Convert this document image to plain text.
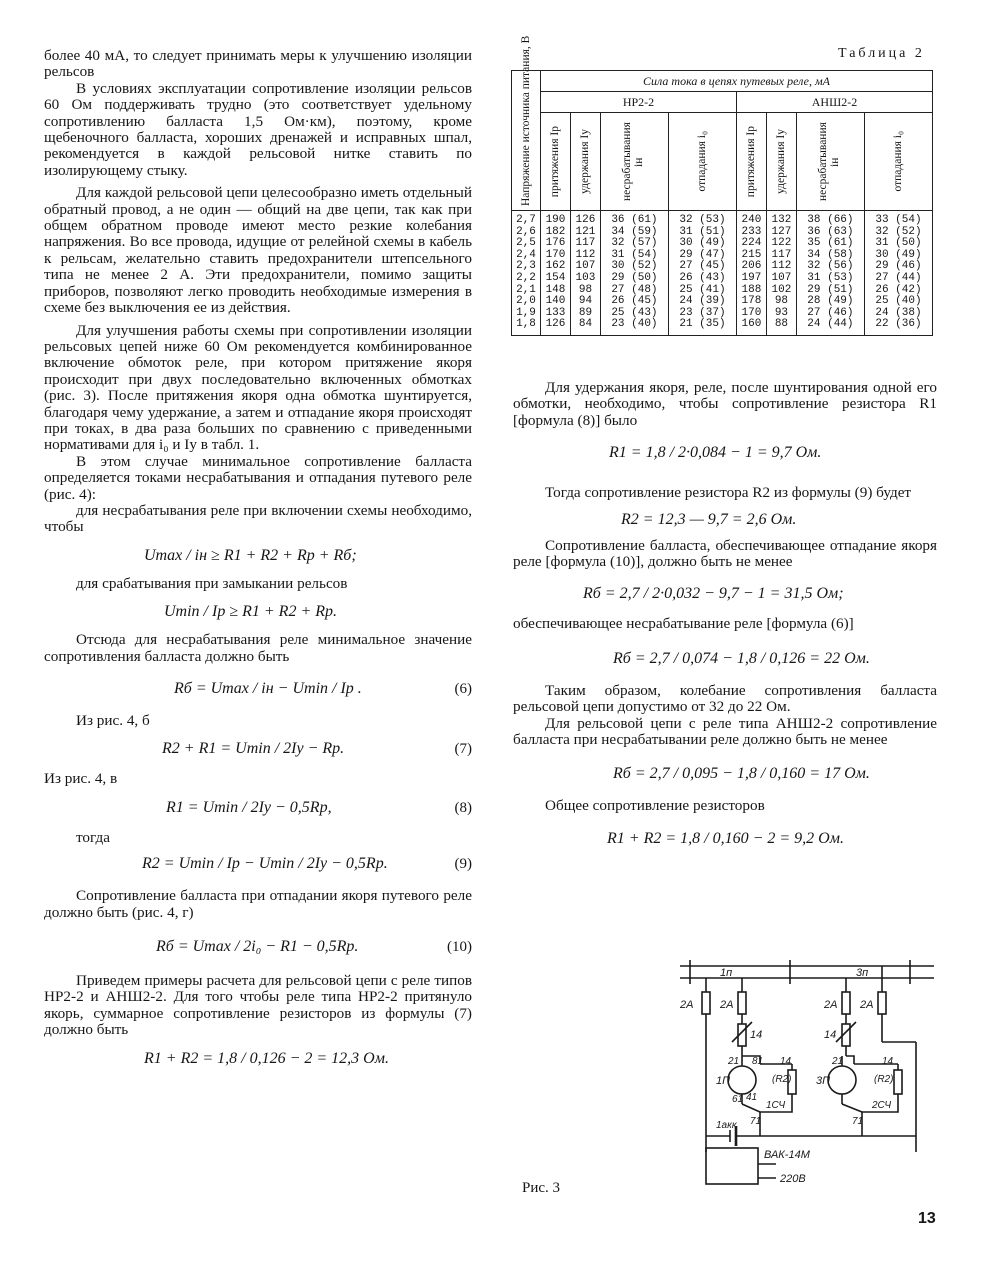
более 40 мА, то следует принимать меры к улучшению изоляции рельсов

В условиях эксплуатации сопротивление изоляции рельсов 60 Ом поддерживать трудно (это соответствует удельному сопротивлению балласта 1,5 Ом·км), поэтому, кроме щебеночного балласта, хороших дренажей и исправных шпал, рекомендуется в каждой рельсовой нитке ставить по изолирующему стыку.

Для каждой рельсовой цепи целесообразно иметь отдельный обратный провод, а не один — общий на две цепи, так как при общем обратном проводе имеют место резкие колебания напряжения. Во все провода, идущие от релейной схемы в кабель к рельсам, желательно ставить предохранители штепсельного типа не менее 2 А. Эти предохранители, помимо защиты приборов, позволяют легко проводить необходимые измерения в схеме без выключения ее из действия.

Для улучшения работы схемы при сопротивлении изоляции рельсовых цепей ниже 60 Ом рекомендуется комбинированное включение обмоток реле, при котором притяжение якоря происходит при двух последовательно включенных обмотках (рис. 3). После притяжения якоря одна обмотка шунтируется, благодаря чему удержание, а затем и отпадание якоря происходят при токах, в два раза больших по сравнению с приведенными нормативами для i₀ и Iу в табл. 1.

В этом случае минимальное сопротивление балласта определяется токами несрабатывания и отпадания путевого реле (рис. 4):

для несрабатывания реле при включении схемы необходимо, чтобы

Umax / iн ≥ R1 + R2 + Rр + Rб;

для срабатывания при замыкании рельсов

Umin / Iр ≥ R1 + R2 + Rр.

Отсюда для несрабатывания реле минимальное значение сопротивления балласта должно быть

Rб = Umax / iн − Umin / Iр .	(6)

Из рис. 4, б

R2 + R1 = Umin / 2Iу − Rр.	(7)

Из рис. 4, в

R1 = Umin / 2Iу − 0,5Rр,	(8)

тогда

R2 = Umin / Iр − Umin / 2Iу − 0,5Rр.	(9)

Сопротивление балласта при отпадании якоря путевого реле должно быть (рис. 4, г)

Rб = Umax / 2i₀ − R1 − 0,5Rр.	(10)

Приведем примеры расчета для рельсовой цепи с реле типов НР2-2 и АНШ2-2. Для того чтобы реле типа НР2-2 притянуло якорь, суммарное сопротивление резисторов из формулы (7) должно быть

R1 + R2 = 1,8 / 0,126 − 2 = 12,3 Ом.
Таблица 2
Напряжение источника питания, В	Сила тока в цепях путевых реле, мА							
	НР2-2				АНШ2-2			

	притяжения Iр	удержания Iу	несрабатывания iн	отпадания i₀	притяжения Iр	удержания Iу	несрабатывания iн	отпадания i₀

2,7	190	126	36 (61)	32 (53)	240	132	38 (66)	33 (54)
2,6	182	121	34 (59)	31 (51)	233	127	36 (63)	32 (52)
2,5	176	117	32 (57)	30 (49)	224	122	35 (61)	31 (50)
2,4	170	112	31 (54)	29 (47)	215	117	34 (58)	30 (49)
2,3	162	107	30 (52)	27 (45)	206	112	32 (56)	29 (46)
2,2	154	103	29 (50)	26 (43)	197	107	31 (53)	27 (44)
2,1	148	98	27 (48)	25 (41)	188	102	29 (51)	26 (42)
2,0	140	94	26 (45)	24 (39)	178	98	28 (49)	25 (40)
1,9	133	89	25 (43)	23 (37)	170	93	27 (46)	24 (38)
1,8	126	84	23 (40)	21 (35)	160	88	24 (44)	22 (36)

Для удержания якоря, реле, после шунтирования одной его обмотки, необходимо, чтобы сопротивление резистора R1 [формула (8)] было

R1 = 1,8 / 2·0,084 − 1 = 9,7 Ом.

Тогда сопротивление резистора R2 из формулы (9) будет

R2 = 12,3 — 9,7 = 2,6 Ом.

Сопротивление балласта, обеспечивающее отпадание якоря реле [формула (10)], должно быть не менее

Rб = 2,7 / 2·0,032 − 9,7 − 1 = 31,5 Ом;

обеспечивающее несрабатывание реле [формула (6)]

Rб = 2,7 / 0,074 − 1,8 / 0,126 = 22 Ом.

Таким образом, колебание сопротивления балласта рельсовой цепи допустимо от 32 до 22 Ом.

Для рельсовой цепи с реле типа АНШ2-2 сопротивление балласта при несрабатывании реле должно быть не менее

Rб = 2,7 / 0,095 − 1,8 / 0,160 = 17 Ом.

Общее сопротивление резисторов

R1 + R2 = 1,8 / 0,160 − 2 = 9,2 Ом.
1п	3п
2А 2А	2А 2А
14	14
21 81
61 41
21
1П	3П
14
(R2)
14
(R2)
1СЧ	2СЧ
71	71
1акк
ВАК-14М
220В
Рис. 3
13
